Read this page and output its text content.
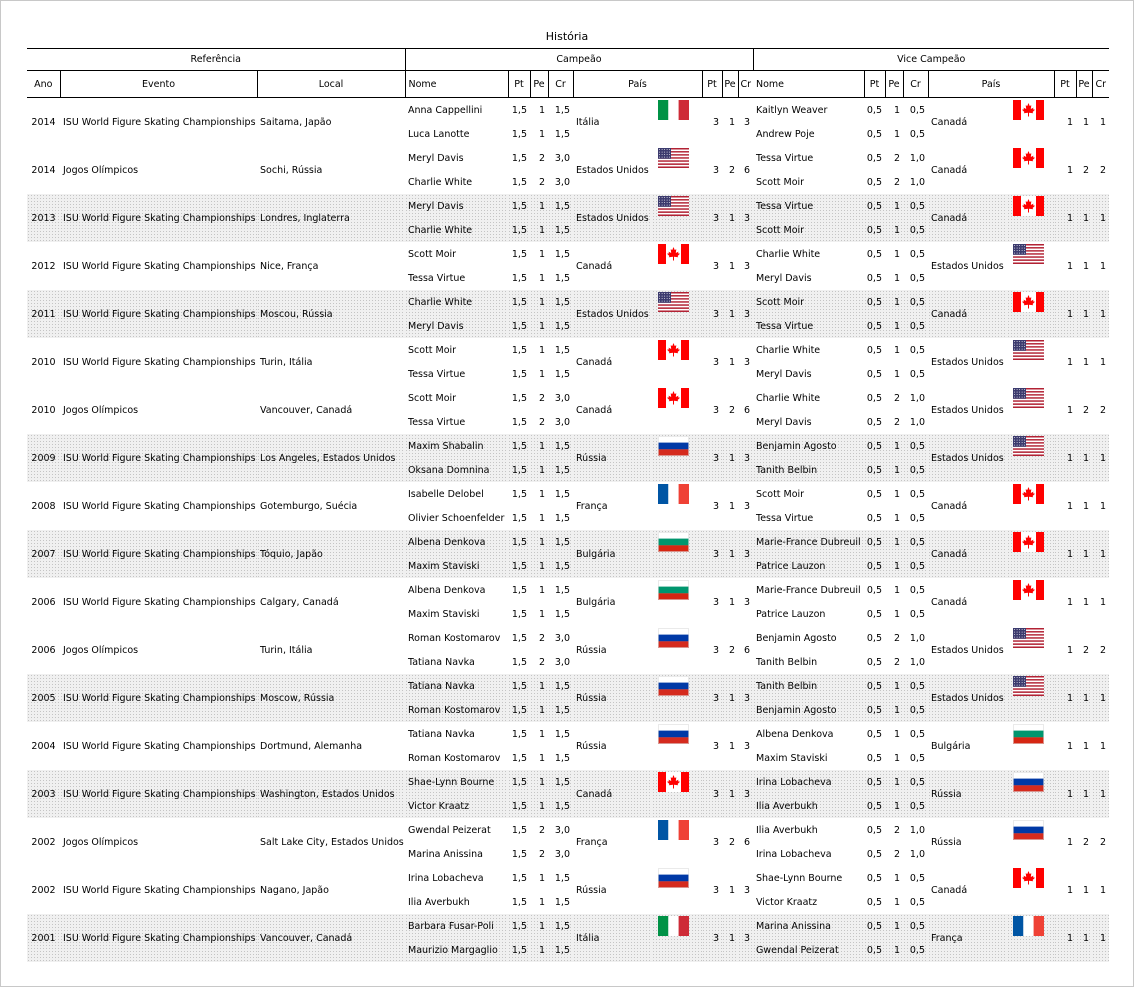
História
Referência			Campeão									Vice Campeão								
Ano	Evento	Local	Nome	Pt	Pe	Cr	País		Pt	Pe	Cr	Nome	Pt	Pe	Cr	País		Pt	Pe	Cr
2014	ISU World Figure Skating Championships	Saitama, Japão	Anna Cappellini	1,5	1	1,5	Itália		3	1	3	Kaitlyn Weaver	0,5	1	0,5	Canadá		1	1	1
			Luca Lanotte	1,5	1	1,5						Andrew Poje	0,5	1	0,5					
2014	Jogos Olímpicos	Sochi, Rússia	Meryl Davis	1,5	2	3,0	Estados Unidos		3	2	6	Tessa Virtue	0,5	2	1,0	Canadá		1	2	2
			Charlie White	1,5	2	3,0						Scott Moir	0,5	2	1,0					
2013	ISU World Figure Skating Championships	Londres, Inglaterra	Meryl Davis	1,5	1	1,5	Estados Unidos		3	1	3	Tessa Virtue	0,5	1	0,5	Canadá		1	1	1
			Charlie White	1,5	1	1,5						Scott Moir	0,5	1	0,5					
2012	ISU World Figure Skating Championships	Nice, França	Scott Moir	1,5	1	1,5	Canadá		3	1	3	Charlie White	0,5	1	0,5	Estados Unidos		1	1	1
			Tessa Virtue	1,5	1	1,5						Meryl Davis	0,5	1	0,5					
2011	ISU World Figure Skating Championships	Moscou, Rússia	Charlie White	1,5	1	1,5	Estados Unidos		3	1	3	Scott Moir	0,5	1	0,5	Canadá		1	1	1
			Meryl Davis	1,5	1	1,5						Tessa Virtue	0,5	1	0,5					
2010	ISU World Figure Skating Championships	Turin, Itália	Scott Moir	1,5	1	1,5	Canadá		3	1	3	Charlie White	0,5	1	0,5	Estados Unidos		1	1	1
			Tessa Virtue	1,5	1	1,5						Meryl Davis	0,5	1	0,5					
2010	Jogos Olímpicos	Vancouver, Canadá	Scott Moir	1,5	2	3,0	Canadá		3	2	6	Charlie White	0,5	2	1,0	Estados Unidos		1	2	2
			Tessa Virtue	1,5	2	3,0						Meryl Davis	0,5	2	1,0					
2009	ISU World Figure Skating Championships	Los Angeles, Estados Unidos	Maxim Shabalin	1,5	1	1,5	Rússia		3	1	3	Benjamin Agosto	0,5	1	0,5	Estados Unidos		1	1	1
			Oksana Domnina	1,5	1	1,5						Tanith Belbin	0,5	1	0,5					
2008	ISU World Figure Skating Championships	Gotemburgo, Suécia	Isabelle Delobel	1,5	1	1,5	França		3	1	3	Scott Moir	0,5	1	0,5	Canadá		1	1	1
			Olivier Schoenfelder	1,5	1	1,5						Tessa Virtue	0,5	1	0,5					
2007	ISU World Figure Skating Championships	Tóquio, Japão	Albena Denkova	1,5	1	1,5	Bulgária		3	1	3	Marie-France Dubreuil	0,5	1	0,5	Canadá		1	1	1
			Maxim Staviski	1,5	1	1,5						Patrice Lauzon	0,5	1	0,5					
2006	ISU World Figure Skating Championships	Calgary, Canadá	Albena Denkova	1,5	1	1,5	Bulgária		3	1	3	Marie-France Dubreuil	0,5	1	0,5	Canadá		1	1	1
			Maxim Staviski	1,5	1	1,5						Patrice Lauzon	0,5	1	0,5					
2006	Jogos Olímpicos	Turin, Itália	Roman Kostomarov	1,5	2	3,0	Rússia		3	2	6	Benjamin Agosto	0,5	2	1,0	Estados Unidos		1	2	2
			Tatiana Navka	1,5	2	3,0						Tanith Belbin	0,5	2	1,0					
2005	ISU World Figure Skating Championships	Moscow, Rússia	Tatiana Navka	1,5	1	1,5	Rússia		3	1	3	Tanith Belbin	0,5	1	0,5	Estados Unidos		1	1	1
			Roman Kostomarov	1,5	1	1,5						Benjamin Agosto	0,5	1	0,5					
2004	ISU World Figure Skating Championships	Dortmund, Alemanha	Tatiana Navka	1,5	1	1,5	Rússia		3	1	3	Albena Denkova	0,5	1	0,5	Bulgária		1	1	1
			Roman Kostomarov	1,5	1	1,5						Maxim Staviski	0,5	1	0,5					
2003	ISU World Figure Skating Championships	Washington, Estados Unidos	Shae-Lynn Bourne	1,5	1	1,5	Canadá		3	1	3	Irina Lobacheva	0,5	1	0,5	Rússia		1	1	1
			Victor Kraatz	1,5	1	1,5						Ilia Averbukh	0,5	1	0,5					
2002	Jogos Olímpicos	Salt Lake City, Estados Unidos	Gwendal Peizerat	1,5	2	3,0	França		3	2	6	Ilia Averbukh	0,5	2	1,0	Rússia		1	2	2
			Marina Anissina	1,5	2	3,0						Irina Lobacheva	0,5	2	1,0					
2002	ISU World Figure Skating Championships	Nagano, Japão	Irina Lobacheva	1,5	1	1,5	Rússia		3	1	3	Shae-Lynn Bourne	0,5	1	0,5	Canadá		1	1	1
			Ilia Averbukh	1,5	1	1,5						Victor Kraatz	0,5	1	0,5					
2001	ISU World Figure Skating Championships	Vancouver, Canadá	Barbara Fusar-Poli	1,5	1	1,5	Itália		3	1	3	Marina Anissina	0,5	1	0,5	França		1	1	1
			Maurizio Margaglio	1,5	1	1,5						Gwendal Peizerat	0,5	1	0,5					
